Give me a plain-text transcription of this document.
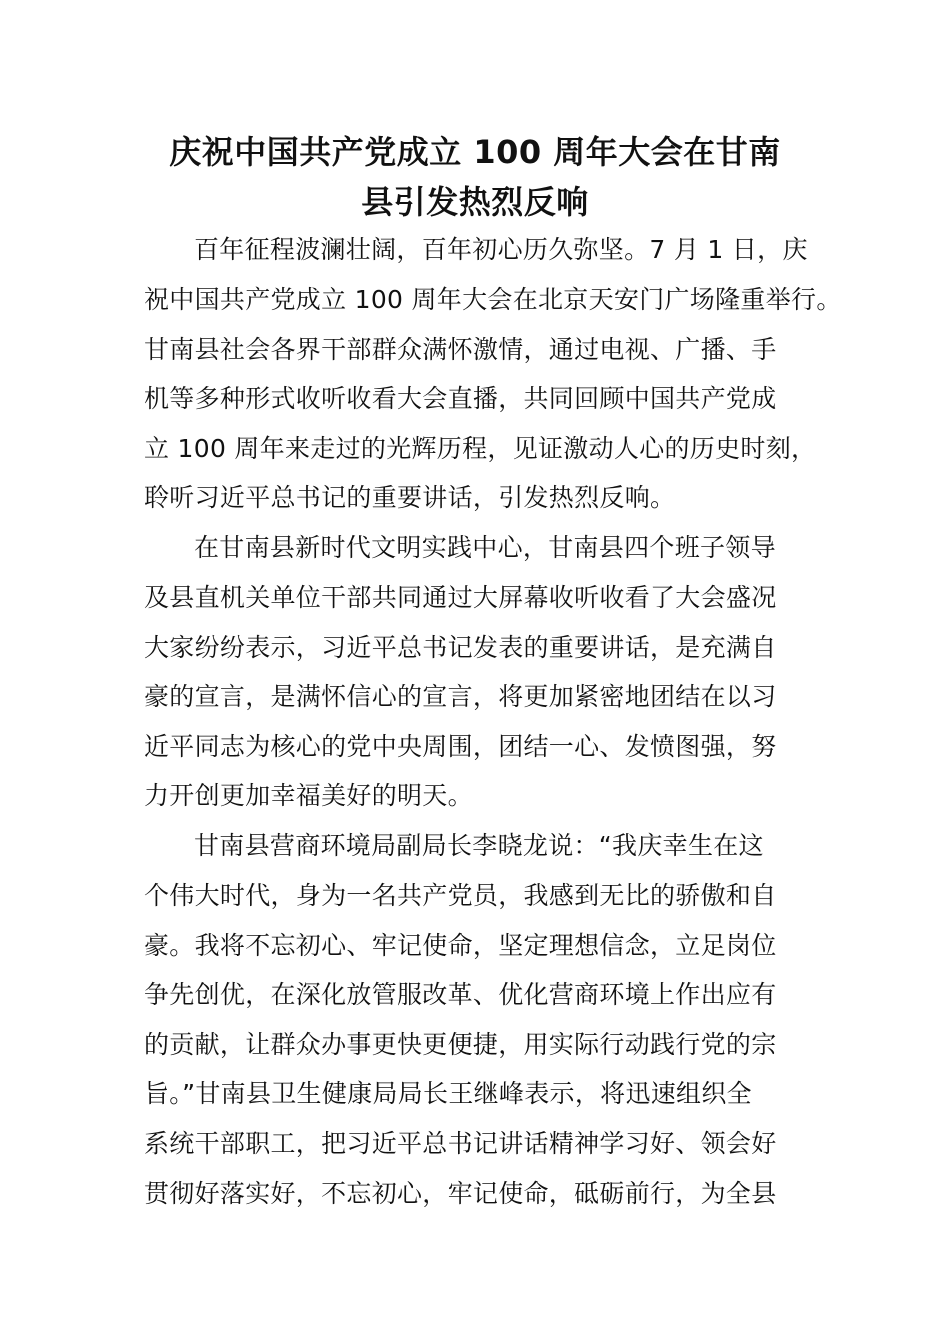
庆祝中国共产党成立 100 周年大会在甘南
县引发热烈反响
百年征程波澜壮阔，百年初心历久弥坚。7 月 1 日，庆
祝中国共产党成立 100 周年大会在北京天安门广场隆重举行。
甘南县社会各界干部群众满怀激情，通过电视、广播、手
机等多种形式收听收看大会直播，共同回顾中国共产党成
立 100 周年来走过的光辉历程，见证激动人心的历史时刻，
聆听习近平总书记的重要讲话，引发热烈反响。
在甘南县新时代文明实践中心，甘南县四个班子领导
及县直机关单位干部共同通过大屏幕收听收看了大会盛况
大家纷纷表示，习近平总书记发表的重要讲话，是充满自
豪的宣言，是满怀信心的宣言，将更加紧密地团结在以习
近平同志为核心的党中央周围，团结一心、发愤图强，努
力开创更加幸福美好的明天。
甘南县营商环境局副局长李晓龙说：“我庆幸生在这
个伟大时代，身为一名共产党员，我感到无比的骄傲和自
豪。我将不忘初心、牢记使命，坚定理想信念，立足岗位
争先创优，在深化放管服改革、优化营商环境上作出应有
的贡献，让群众办事更快更便捷，用实际行动践行党的宗
旨。”甘南县卫生健康局局长王继峰表示，将迅速组织全
系统干部职工，把习近平总书记讲话精神学习好、领会好
贯彻好落实好，不忘初心，牢记使命，砥砺前行，为全县
